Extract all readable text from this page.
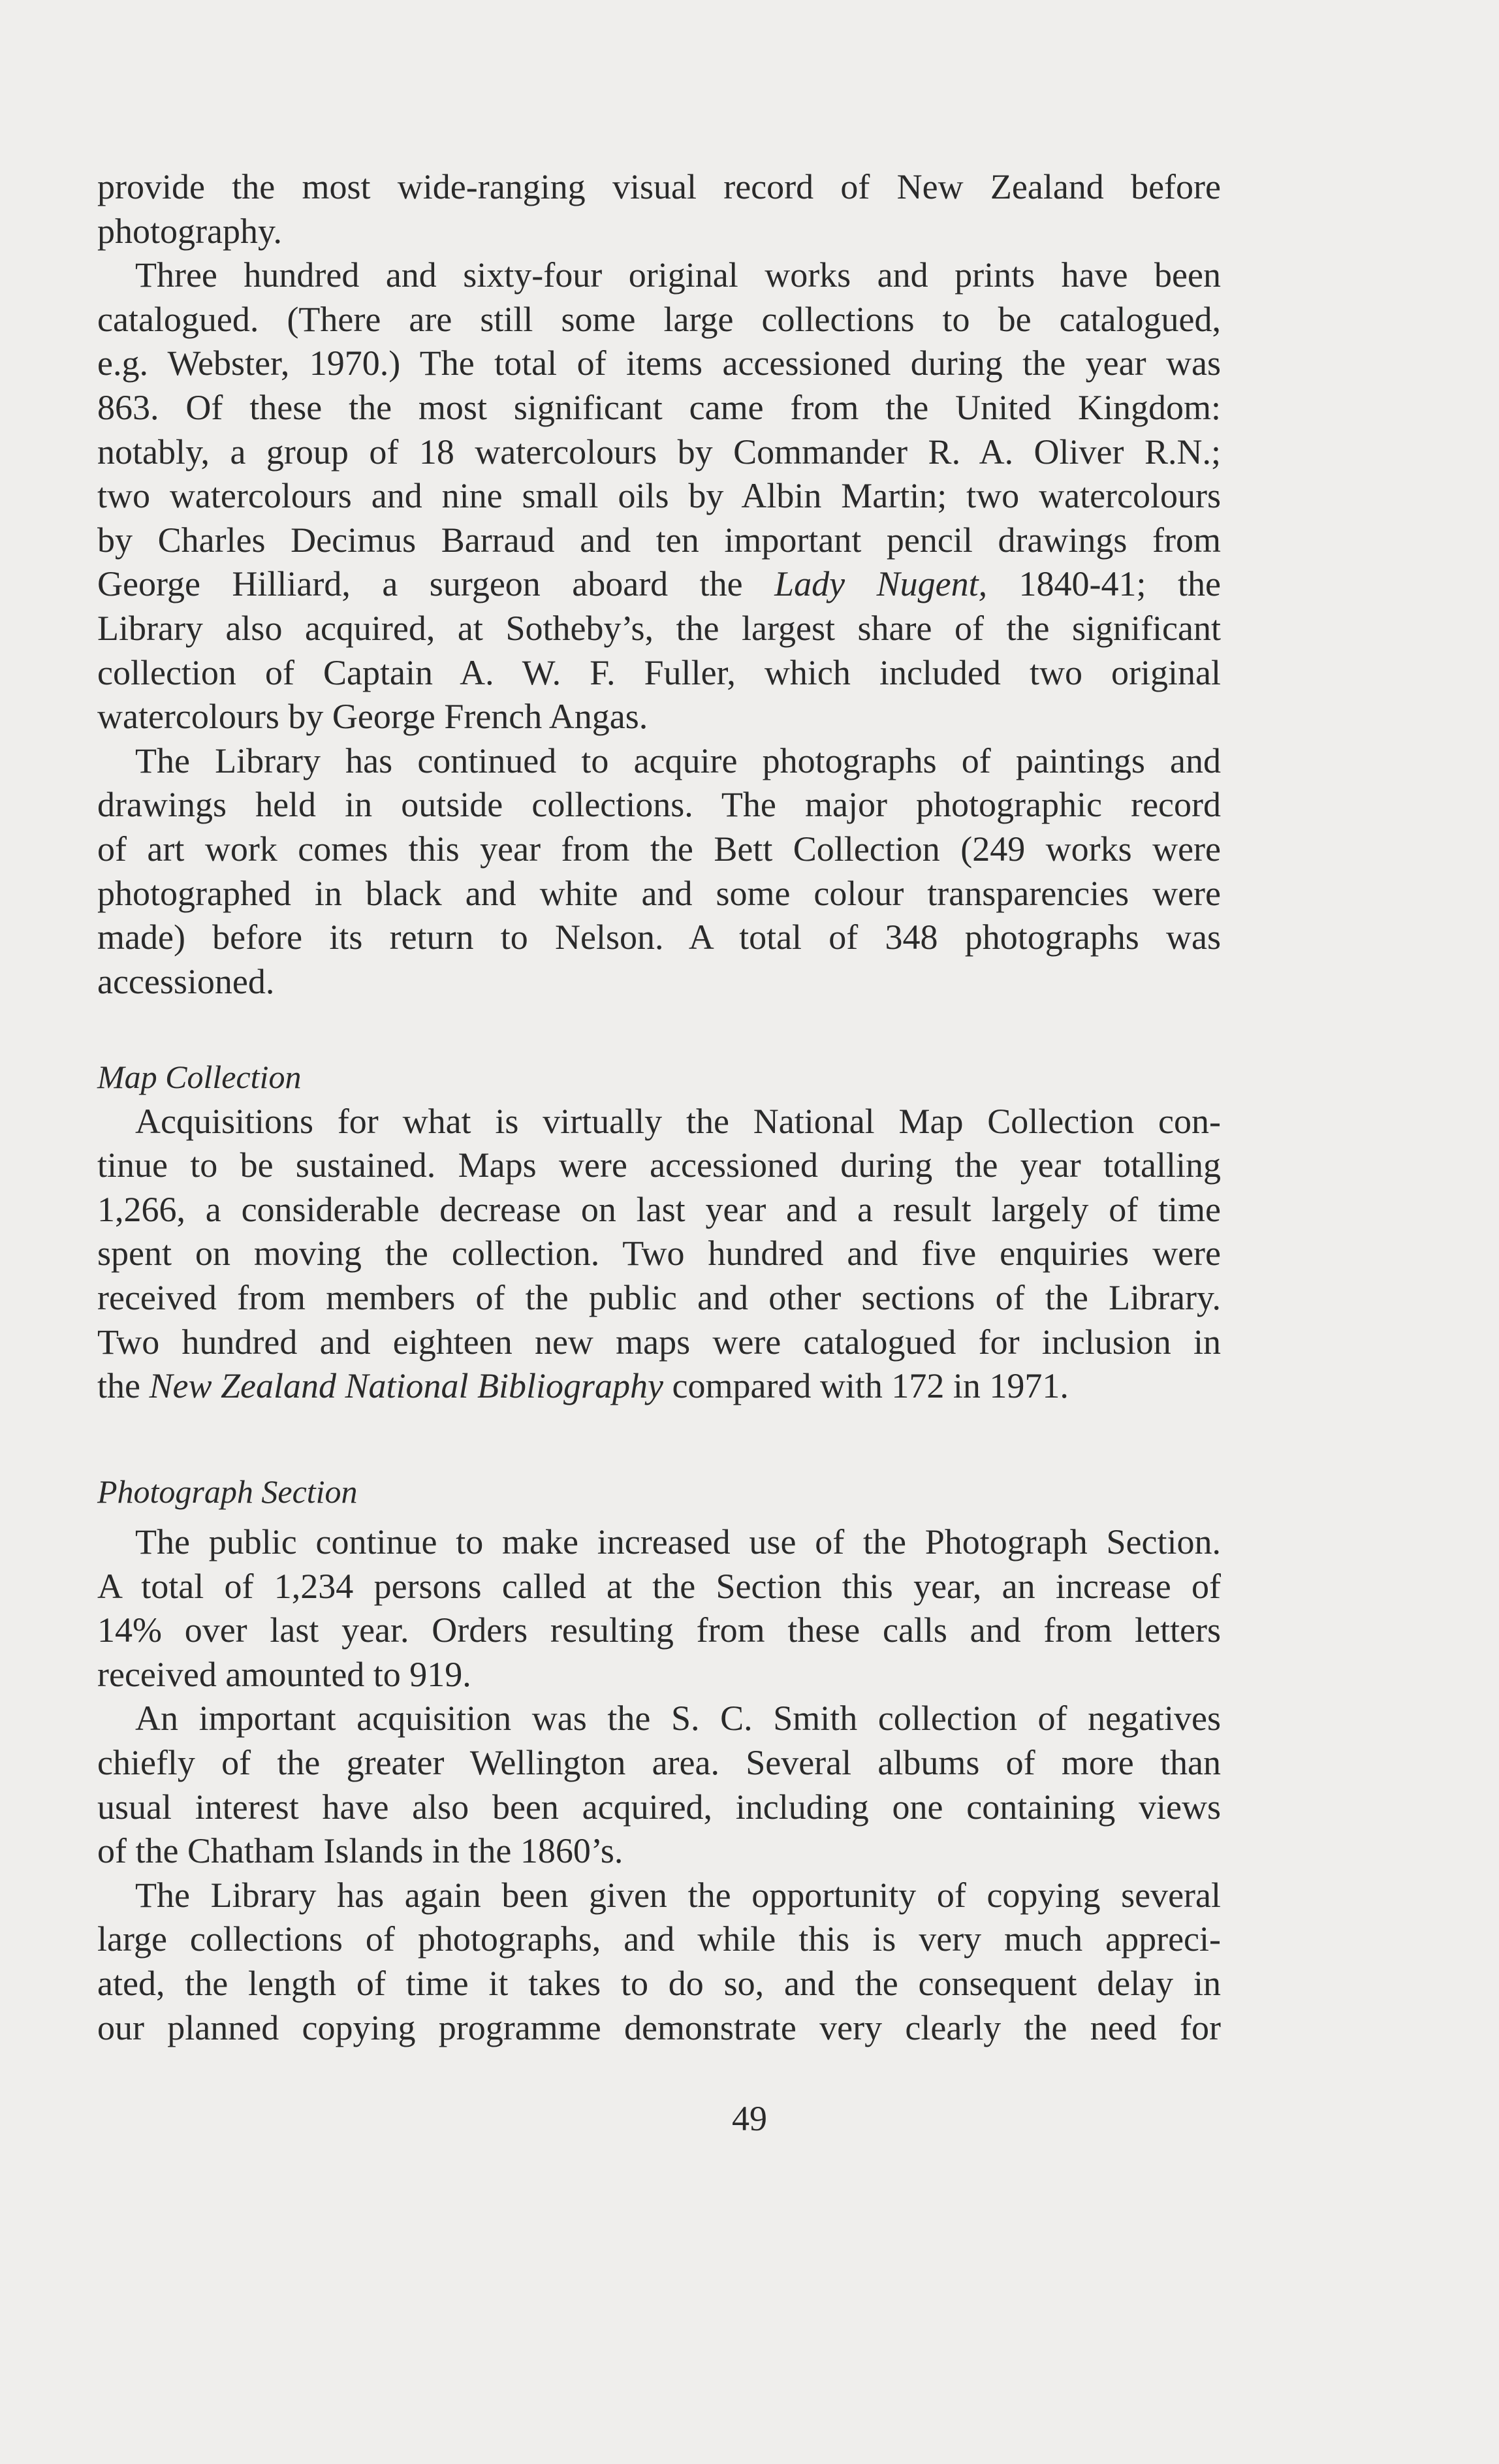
provide the most wide-ranging visual record of New Zealand before
photography.
Three hundred and sixty-four original works and prints have been
catalogued. (There are still some large collections to be catalogued,
e.g. Webster, 1970.) The total of items accessioned during the year was
863. Of these the most significant came from the United Kingdom:
notably, a group of 18 watercolours by Commander R. A. Oliver R.N.;
two watercolours and nine small oils by Albin Martin; two watercolours
by Charles Decimus Barraud and ten important pencil drawings from
George Hilliard, a surgeon aboard the Lady Nugent, 1840-41; the
Library also acquired, at Sotheby’s, the largest share of the significant
collection of Captain A. W. F. Fuller, which included two original
watercolours by George French Angas.
The Library has continued to acquire photographs of paintings and
drawings held in outside collections. The major photographic record
of art work comes this year from the Bett Collection (249 works were
photographed in black and white and some colour transparencies were
made) before its return to Nelson. A total of 348 photographs was
accessioned.
Map Collection
Acquisitions for what is virtually the National Map Collection con-
tinue to be sustained. Maps were accessioned during the year totalling
1,266, a considerable decrease on last year and a result largely of time
spent on moving the collection. Two hundred and five enquiries were
received from members of the public and other sections of the Library.
Two hundred and eighteen new maps were catalogued for inclusion in
the New Zealand National Bibliography compared with 172 in 1971.
Photograph Section
The public continue to make increased use of the Photograph Section.
A total of 1,234 persons called at the Section this year, an increase of
14% over last year. Orders resulting from these calls and from letters
received amounted to 919.
An important acquisition was the S. C. Smith collection of negatives
chiefly of the greater Wellington area. Several albums of more than
usual interest have also been acquired, including one containing views
of the Chatham Islands in the 1860’s.
The Library has again been given the opportunity of copying several
large collections of photographs, and while this is very much appreci-
ated, the length of time it takes to do so, and the consequent delay in
our planned copying programme demonstrate very clearly the need for
49
